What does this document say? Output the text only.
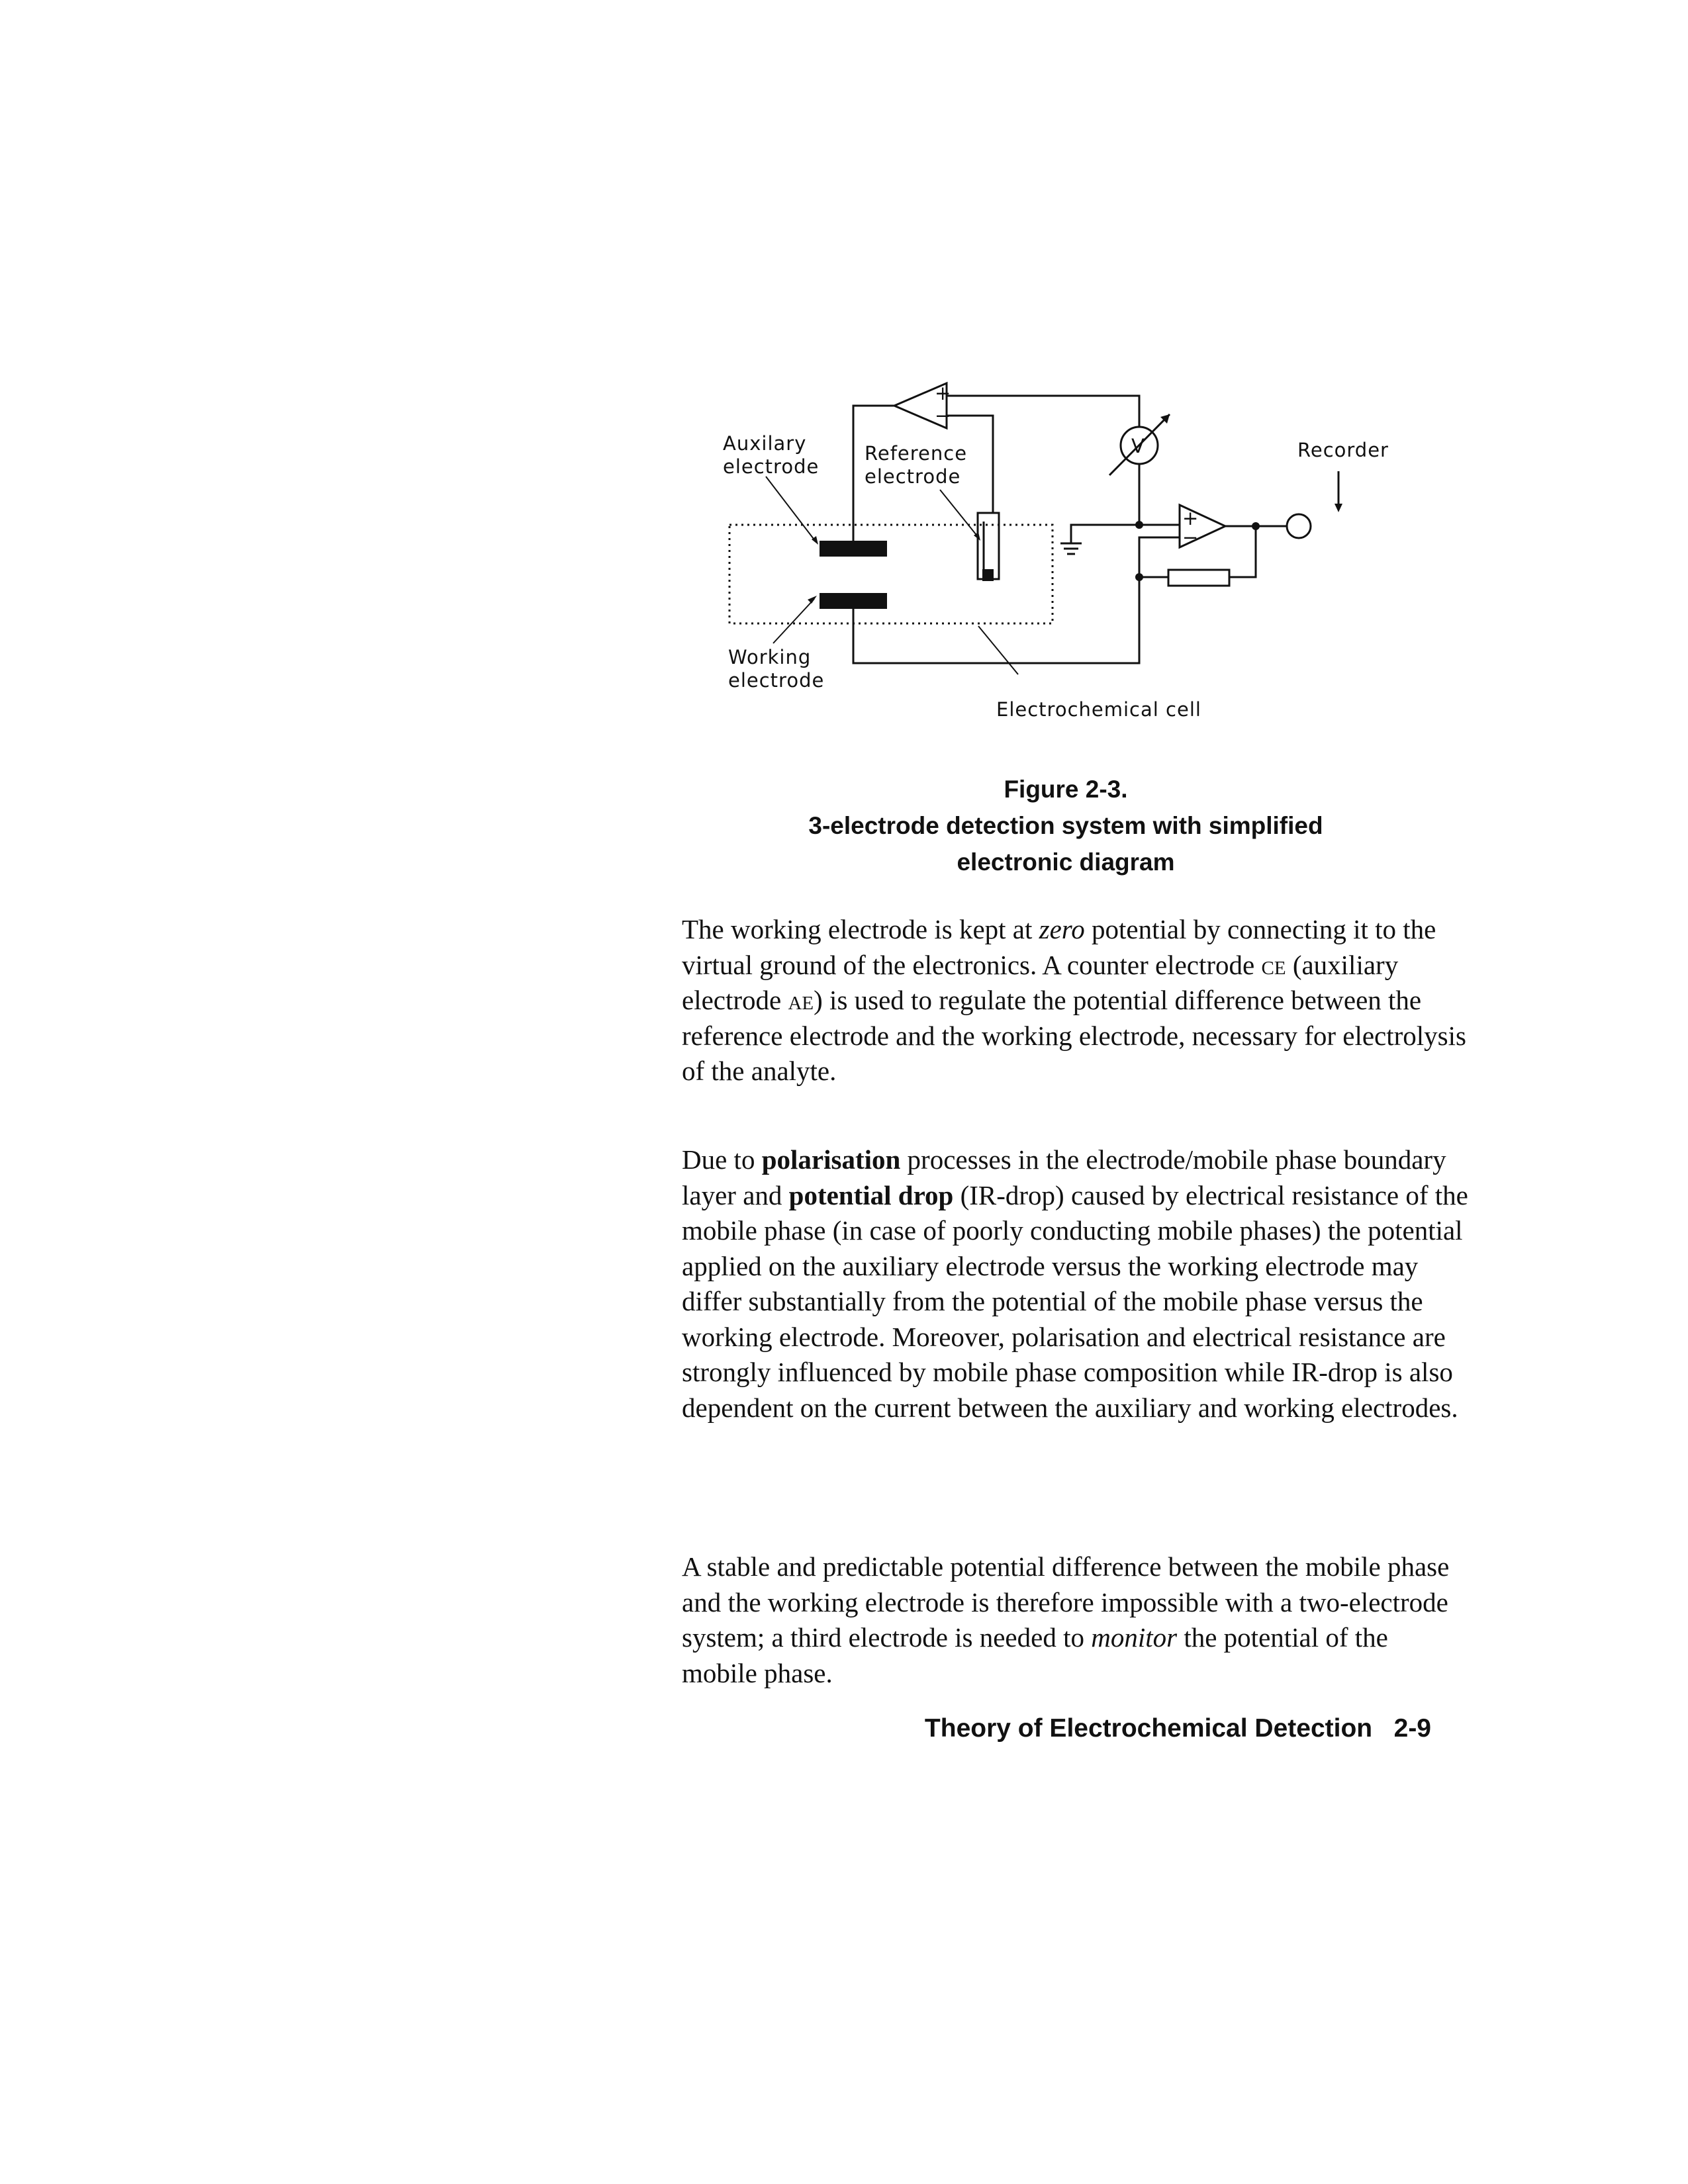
+
−
V
+
−
Auxilary
electrode
Reference
electrode
Recorder
Working
electrode
Electrochemical cell
Figure 2-3.
3-electrode detection system with simplified
electronic diagram

The working electrode is kept at zero potential by connecting it to the virtual ground of the electronics. A counter electrode ce (auxiliary electrode ae) is used to regulate the potential difference between the reference electrode and the working electrode, necessary for electrolysis of the analyte.

Due to polarisation processes in the electrode/mobile phase boundary layer and potential drop (IR-drop) caused by electrical resistance of the mobile phase (in case of poorly conducting mobile phases) the potential applied on the auxiliary electrode versus the working electrode may differ substantially from the potential of the mobile phase versus the working electrode. Moreover, polarisation and electrical resistance are strongly influenced by mobile phase composition while IR-drop is also dependent on the current between the auxiliary and working electrodes.

A stable and predictable potential difference between the mobile phase and the working electrode is therefore impossible with a two-electrode system; a third electrode is needed to monitor the potential of the mobile phase.

Theory of Electrochemical Detection 2-9
